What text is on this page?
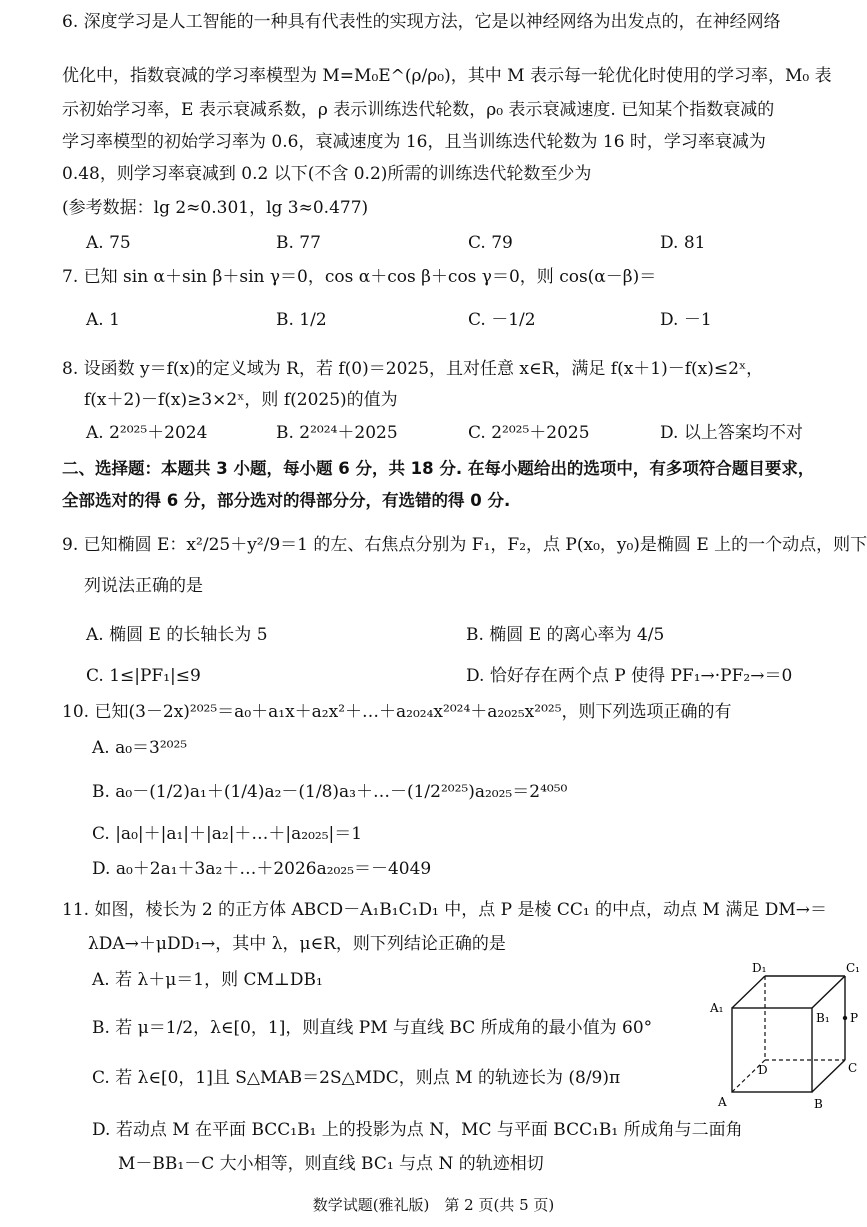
6. 深度学习是人工智能的一种具有代表性的实现方法，它是以神经网络为出发点的，在神经网络
优化中，指数衰减的学习率模型为 M=M₀E^(ρ/ρ₀)，其中 M 表示每一轮优化时使用的学习率，M₀ 表
示初始学习率，E 表示衰减系数，ρ 表示训练迭代轮数，ρ₀ 表示衰减速度. 已知某个指数衰减的
学习率模型的初始学习率为 0.6，衰减速度为 16，且当训练迭代轮数为 16 时，学习率衰减为
0.48，则学习率衰减到 0.2 以下(不含 0.2)所需的训练迭代轮数至少为
(参考数据：lg 2≈0.301，lg 3≈0.477)
A. 75	B. 77	C. 79	D. 81
7. 已知 sin α＋sin β＋sin γ＝0，cos α＋cos β＋cos γ＝0，则 cos(α－β)＝
A. 1	B. 1/2	C. －1/2	D. －1
8. 设函数 y＝f(x)的定义域为 R，若 f(0)＝2025，且对任意 x∈R，满足 f(x＋1)－f(x)≤2ˣ，
f(x＋2)－f(x)≥3×2ˣ，则 f(2025)的值为
A. 2²⁰²⁵＋2024	B. 2²⁰²⁴＋2025	C. 2²⁰²⁵＋2025	D. 以上答案均不对
二、选择题：本题共 3 小题，每小题 6 分，共 18 分. 在每小题给出的选项中，有多项符合题目要求，
全部选对的得 6 分，部分选对的得部分分，有选错的得 0 分.
9. 已知椭圆 E：x²/25＋y²/9＝1 的左、右焦点分别为 F₁，F₂，点 P(x₀，y₀)是椭圆 E 上的一个动点，则下
列说法正确的是
A. 椭圆 E 的长轴长为 5	B. 椭圆 E 的离心率为 4/5
C. 1≤|PF₁|≤9	D. 恰好存在两个点 P 使得 PF₁→·PF₂→＝0
10. 已知(3－2x)²⁰²⁵＝a₀＋a₁x＋a₂x²＋…＋a₂₀₂₄x²⁰²⁴＋a₂₀₂₅x²⁰²⁵，则下列选项正确的有
A. a₀＝3²⁰²⁵
B. a₀－(1/2)a₁＋(1/4)a₂－(1/8)a₃＋…－(1/2²⁰²⁵)a₂₀₂₅＝2⁴⁰⁵⁰
C. |a₀|＋|a₁|＋|a₂|＋…＋|a₂₀₂₅|＝1
D. a₀＋2a₁＋3a₂＋…＋2026a₂₀₂₅＝－4049
11. 如图，棱长为 2 的正方体 ABCD－A₁B₁C₁D₁ 中，点 P 是棱 CC₁ 的中点，动点 M 满足 DM→＝
λDA→＋μDD₁→，其中 λ，μ∈R，则下列结论正确的是
A. 若 λ＋μ＝1，则 CM⊥DB₁
B. 若 μ＝1/2，λ∈[0，1]，则直线 PM 与直线 BC 所成角的最小值为 60°
C. 若 λ∈[0，1]且 S△MAB＝2S△MDC，则点 M 的轨迹长为 (8/9)π
D. 若动点 M 在平面 BCC₁B₁ 上的投影为点 N，MC 与平面 BCC₁B₁ 所成角与二面角
M－BB₁－C 大小相等，则直线 BC₁ 与点 N 的轨迹相切
D₁	C₁
A₁
B₁ P
D	C
A	B
数学试题(雅礼版)　第 2 页(共 5 页)
